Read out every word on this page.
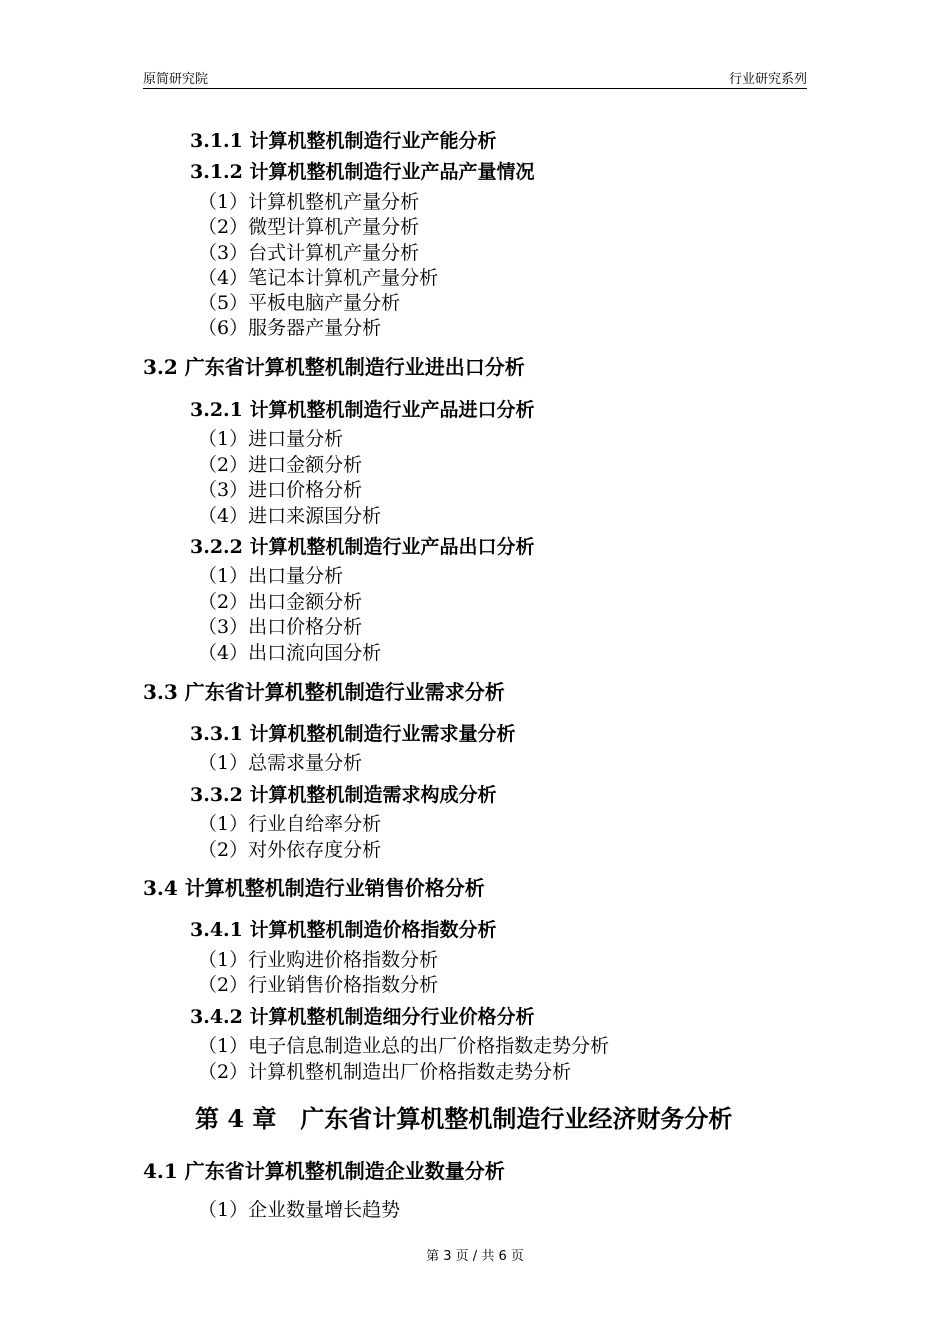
原简研究院	行业研究系列
3.1.1 计算机整机制造行业产能分析
3.1.2 计算机整机制造行业产品产量情况
（1）计算机整机产量分析
（2）微型计算机产量分析
（3）台式计算机产量分析
（4）笔记本计算机产量分析
（5）平板电脑产量分析
（6）服务器产量分析
3.2 广东省计算机整机制造行业进出口分析
3.2.1 计算机整机制造行业产品进口分析
（1）进口量分析
（2）进口金额分析
（3）进口价格分析
（4）进口来源国分析
3.2.2 计算机整机制造行业产品出口分析
（1）出口量分析
（2）出口金额分析
（3）出口价格分析
（4）出口流向国分析
3.3 广东省计算机整机制造行业需求分析
3.3.1 计算机整机制造行业需求量分析
（1）总需求量分析
3.3.2 计算机整机制造需求构成分析
（1）行业自给率分析
（2）对外依存度分析
3.4 计算机整机制造行业销售价格分析
3.4.1 计算机整机制造价格指数分析
（1）行业购进价格指数分析
（2）行业销售价格指数分析
3.4.2 计算机整机制造细分行业价格分析
（1）电子信息制造业总的出厂价格指数走势分析
（2）计算机整机制造出厂价格指数走势分析
第 4 章　广东省计算机整机制造行业经济财务分析
4.1 广东省计算机整机制造企业数量分析
（1）企业数量增长趋势
第 3 页 / 共 6 页
